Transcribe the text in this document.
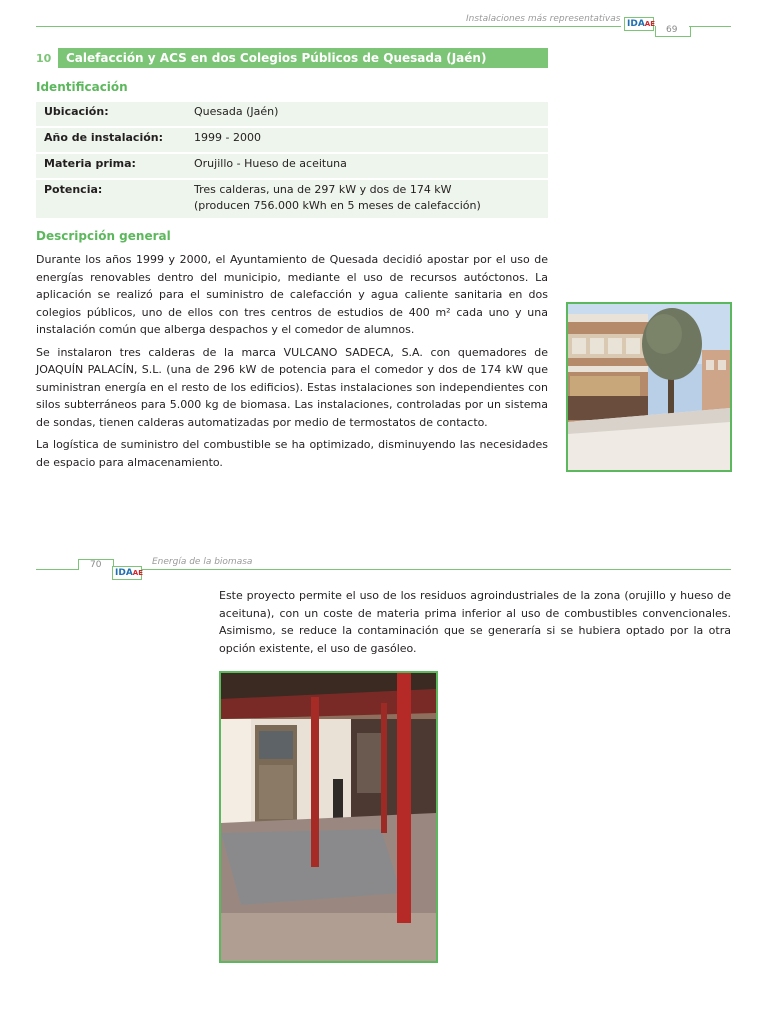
Instalaciones más representativas IDAAE
69
10 Calefacción y ACS en dos Colegios Públicos de Quesada (Jaén)
Identificación
Ubicación:	Quesada (Jaén)
Año de instalación:	1999 - 2000
Materia prima:	Orujillo - Hueso de aceituna
Potencia:	Tres calderas, una de 297 kW y dos de 174 kW
(producen 756.000 kWh en 5 meses de calefacción)
Descripción general

Durante los años 1999 y 2000, el Ayuntamiento de Quesada decidió apostar por el uso de energías renovables dentro del municipio, mediante el uso de recursos autóctonos. La aplicación se realizó para el suministro de calefacción y agua caliente sanitaria en dos colegios públicos, uno de ellos con tres centros de estudios de 400 m² cada uno y una instalación común que alberga despachos y el comedor de alumnos.

Se instalaron tres calderas de la marca VULCANO SADECA, S.A. con quemadores de JOAQUÍN PALACÍN, S.L. (una de 296 kW de potencia para el comedor y dos de 174 kW que suministran energía en el resto de los edificios). Estas instalaciones son independientes con silos subterráneos para 5.000 kg de biomasa. Las instalaciones, controladas por un sistema de sondas, tienen calderas automatizadas por medio de termostatos de contacto.

La logística de suministro del combustible se ha optimizado, disminuyendo las necesidades de espacio para almacenamiento.

70
IDAAE
Energía de la biomasa

Este proyecto permite el uso de los residuos agroindustriales de la zona (orujillo y hueso de aceituna), con un coste de materia prima inferior al uso de combustibles convencionales. Asimismo, se reduce la contaminación que se generaría si se hubiera optado por la otra opción existente, el uso de gasóleo.
